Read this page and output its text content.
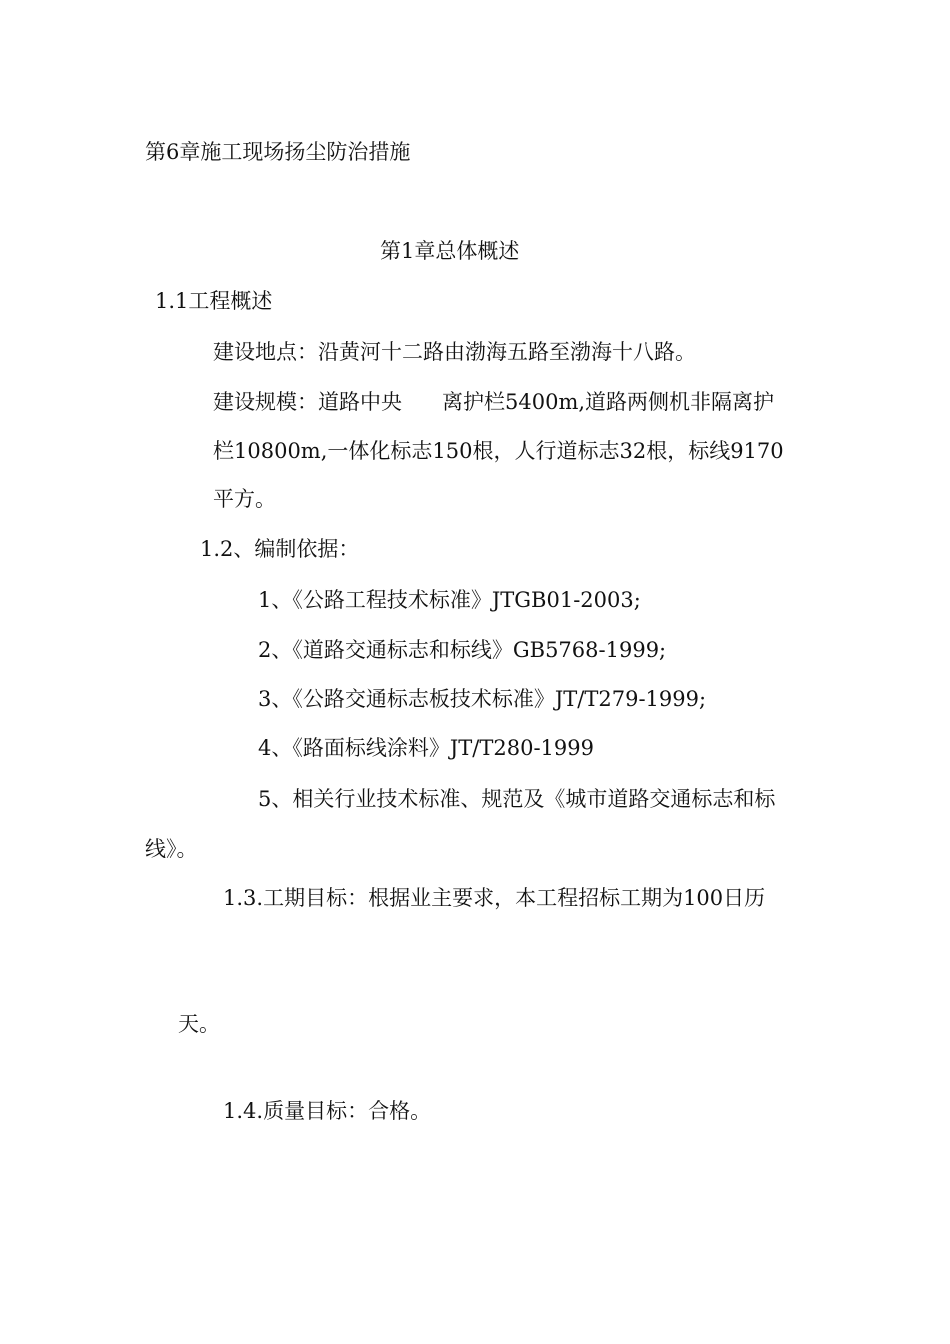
第6章施工现场扬尘防治措施
第1章总体概述
1.1工程概述
建设地点：沿黄河十二路由渤海五路至渤海十八路。
建设规模：道路中央 离护栏5400m,道路两侧机非隔离护
栏10800m,一体化标志150根，人行道标志32根，标线9170
平方。
1.2、编制依据：
1、《公路工程技术标准》JTGB01-2003;
2、《道路交通标志和标线》GB5768-1999;
3、《公路交通标志板技术标准》JT/T279-1999;
4、《路面标线涂料》JT/T280-1999
5、相关行业技术标准、规范及《城市道路交通标志和标
线》。
1.3.工期目标：根据业主要求，本工程招标工期为100日历
天。
1.4.质量目标：合格。
